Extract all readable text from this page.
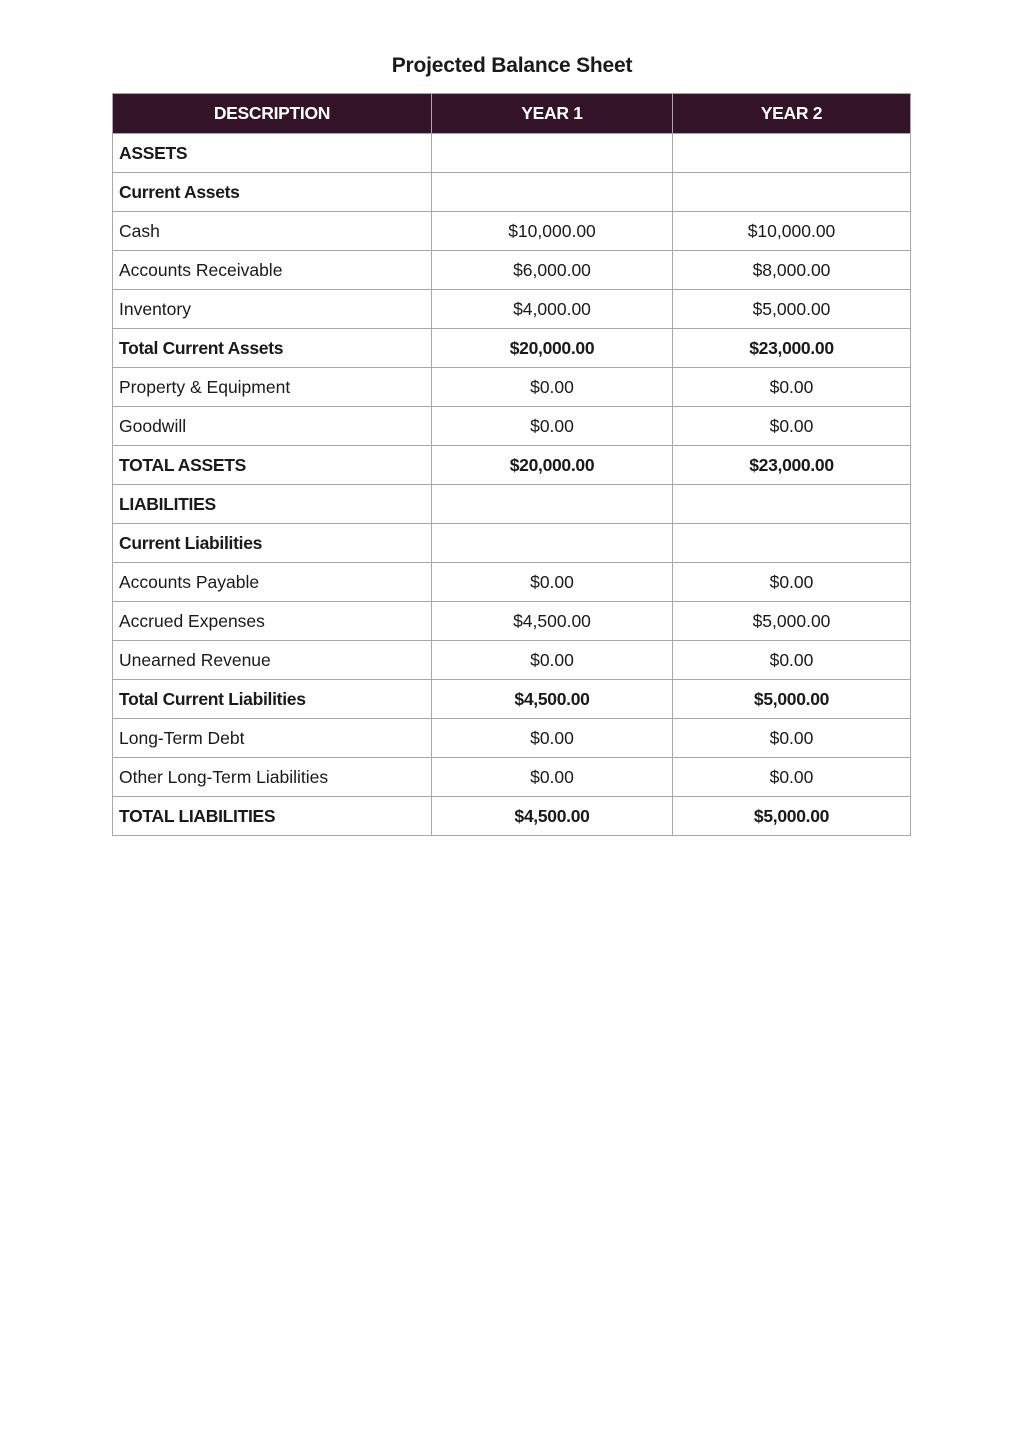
Projected Balance Sheet
DESCRIPTION	YEAR 1	YEAR 2
ASSETS		
Current Assets		
Cash	$10,000.00	$10,000.00
Accounts Receivable	$6,000.00	$8,000.00
Inventory	$4,000.00	$5,000.00
Total Current Assets	$20,000.00	$23,000.00
Property & Equipment	$0.00	$0.00
Goodwill	$0.00	$0.00
TOTAL ASSETS	$20,000.00	$23,000.00
LIABILITIES		
Current Liabilities		
Accounts Payable	$0.00	$0.00
Accrued Expenses	$4,500.00	$5,000.00
Unearned Revenue	$0.00	$0.00
Total Current Liabilities	$4,500.00	$5,000.00
Long-Term Debt	$0.00	$0.00
Other Long-Term Liabilities	$0.00	$0.00
TOTAL LIABILITIES	$4,500.00	$5,000.00
